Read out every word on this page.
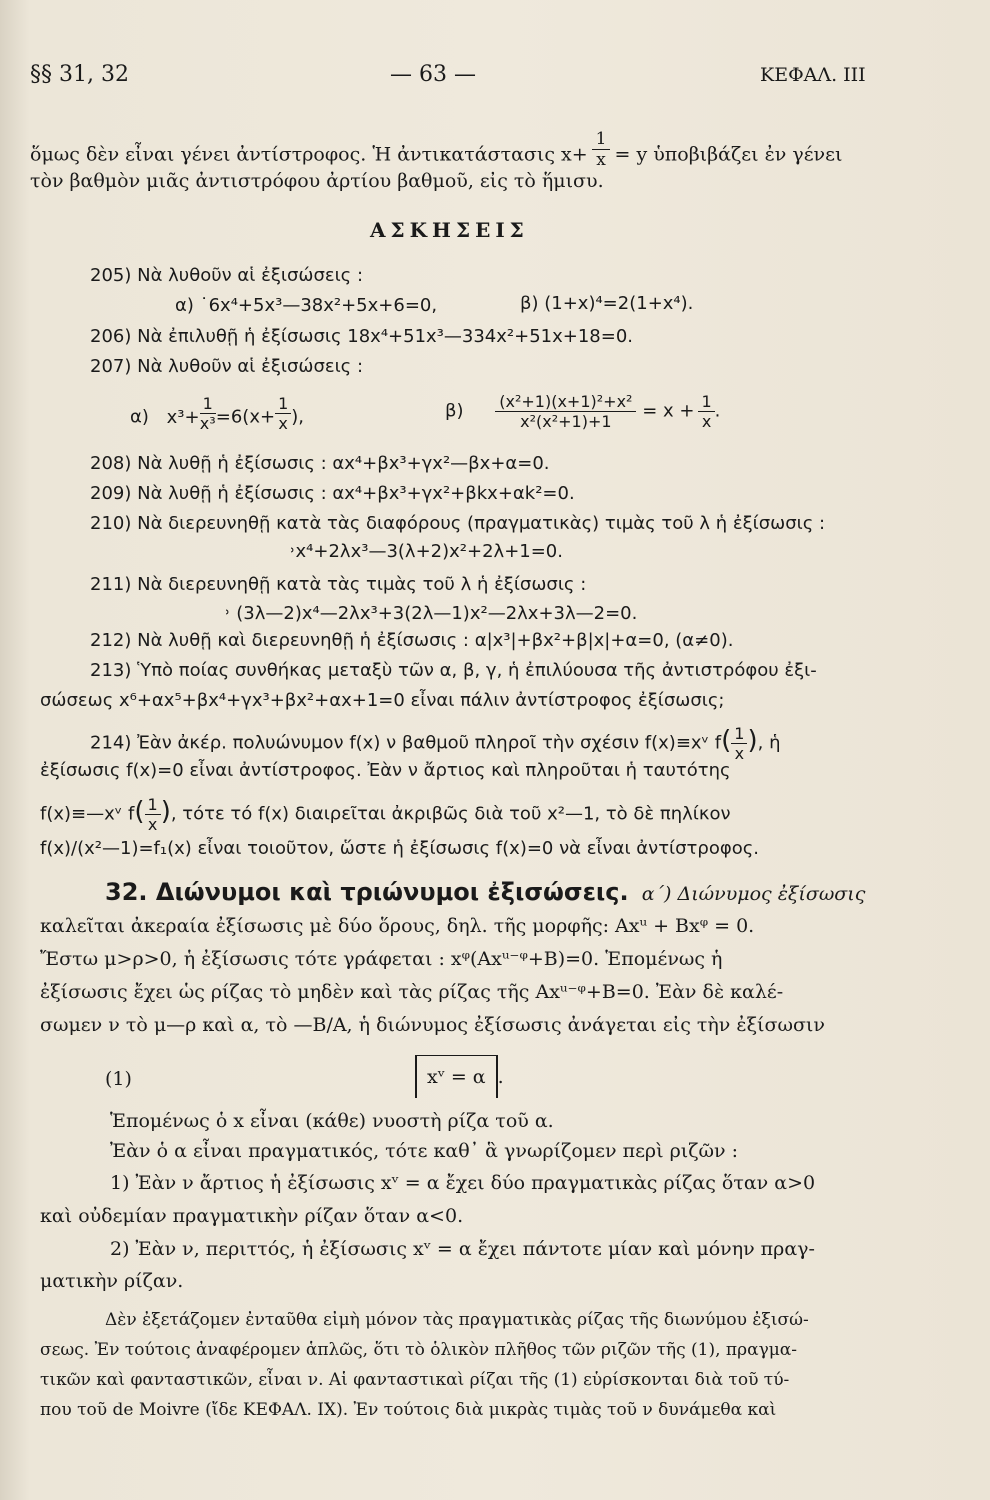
§§ 31, 32	— 63 —	ΚΕΦΑΛ. III
ὅμως δὲν εἶναι γένει ἀντίστροφος. Ἡ ἀντικατάστασις $x+ \frac{1}{x} = y$ ὑποβιβάζει ἐν γένει
τὸν βαθμὸν μιᾶς ἀντιστρόφου ἀρτίου βαθμοῦ, εἰς τὸ ἥμισυ.
ΑΣΚΗΣΕΙΣ
205) Νὰ λυθοῦν αἱ ἐξισώσεις :
α) ˙6x⁴+5x³—38x²+5x+6=0,	β) (1+x)⁴=2(1+x⁴).
206) Νὰ ἐπιλυθῇ ἡ ἐξίσωσις 18x⁴+51x³—334x²+51x+18=0.
207) Νὰ λυθοῦν αἱ ἐξισώσεις :
α) $x^3+ \frac{1}{\text{x³}} =6(x+ \frac{1}{x}$ ),	$\beta) \frac{\text{(x²+1)(x+1)²+x²}}{\text{x²(x²+1)+1}} = x + \frac{1}{x}$ .
208) Νὰ λυθῇ ἡ ἐξίσωσις : αx⁴+βx³+γx²—βx+α=0.
209) Νὰ λυθῇ ἡ ἐξίσωσις : αx⁴+βx³+γx²+βkx+αk²=0.
210) Νὰ διερευνηθῇ κατὰ τὰς διαφόρους (πραγματικὰς) τιμὰς τοῦ λ ἡ ἐξίσωσις :
˒x⁴+2λx³—3(λ+2)x²+2λ+1=0.
211) Νὰ διερευνηθῇ κατὰ τὰς τιμὰς τοῦ λ ἡ ἐξίσωσις :
˒ (3λ—2)x⁴—2λx³+3(2λ—1)x²—2λx+3λ—2=0.
212) Νὰ λυθῇ καὶ διερευνηθῇ ἡ ἐξίσωσις : α|x³|+βx²+β|x|+α=0, (α≠0).
213) Ὑπὸ ποίας συνθήκας μεταξὺ τῶν α, β, γ, ἡ ἐπιλύουσα τῆς ἀντιστρόφου ἐξι-
σώσεως x⁶+αx⁵+βx⁴+γx³+βx²+αx+1=0 εἶναι πάλιν ἀντίστροφος ἐξίσωσις;
214) Ἐὰν ἀκέρ. πολυώνυμον f(x) ν βαθμοῦ πληροῖ τὴν σχέσιν f(x)≡xᵛ $f( \frac{1}{x}$ ), ἡ
ἐξίσωσις f(x)=0 εἶναι ἀντίστροφος. Ἐὰν ν ἄρτιος καὶ πληροῦται ἡ ταυτότης
f(x)≡—xᵛ $f( \frac{1}{x}$ ), τότε τό f(x) διαιρεῖται ἀκριβῶς διὰ τοῦ x²—1, τὸ δὲ πηλίκον
f(x)/(x²—1)=f₁(x) εἶναι τοιοῦτον, ὥστε ἡ ἐξίσωσις f(x)=0 νὰ εἶναι ἀντίστροφος.
32. Διώνυμοι καὶ τριώνυμοι ἐξισώσεις. α΄) Διώνυμος ἐξίσωσις
καλεῖται ἀκεραία ἐξίσωσις μὲ δύο ὅρους, δηλ. τῆς μορφῆς: Axᵘ + Bxᵠ = 0.
Ἔστω μ>ρ>0, ἡ ἐξίσωσις τότε γράφεται : xᵠ(Axᵘ⁻ᵠ+B)=0. Ἑπομένως ἡ
ἐξίσωσις ἔχει ὡς ρίζας τὸ μηδὲν καὶ τὰς ρίζας τῆς Axᵘ⁻ᵠ+B=0. Ἐὰν δὲ καλέ-
σωμεν ν τὸ μ—ρ καὶ α, τὸ —B/A, ἡ διώνυμος ἐξίσωσις ἀνάγεται εἰς τὴν ἐξίσωσιν
(1)	xᵛ = α .
Ἑπομένως ὁ x εἶναι (κάθε) νυοστὴ ρίζα τοῦ α.
Ἐὰν ὁ α εἶναι πραγματικός, τότε καθ᾿ ἃ γνωρίζομεν περὶ ριζῶν :
1) Ἐὰν ν ἄρτιος ἡ ἐξίσωσις xᵛ = α ἔχει δύο πραγματικὰς ρίζας ὅταν α>0
καὶ οὐδεμίαν πραγματικὴν ρίζαν ὅταν α<0.
2) Ἐὰν ν, περιττός, ἡ ἐξίσωσις xᵛ = α ἔχει πάντοτε μίαν καὶ μόνην πραγ-
ματικὴν ρίζαν.
Δὲν ἐξετάζομεν ἐνταῦθα εἰμὴ μόνον τὰς πραγματικὰς ρίζας τῆς διωνύμου ἐξισώ-
σεως. Ἐν τούτοις ἀναφέρομεν ἁπλῶς, ὅτι τὸ ὁλικὸν πλῆθος τῶν ριζῶν τῆς (1), πραγμα-
τικῶν καὶ φανταστικῶν, εἶναι ν. Αἱ φανταστικαὶ ρίζαι τῆς (1) εὑρίσκονται διὰ τοῦ τύ-
που τοῦ de Moivre (ἴδε ΚΕΦΑΛ. IX). Ἐν τούτοις διὰ μικρὰς τιμὰς τοῦ ν δυνάμεθα καὶ
